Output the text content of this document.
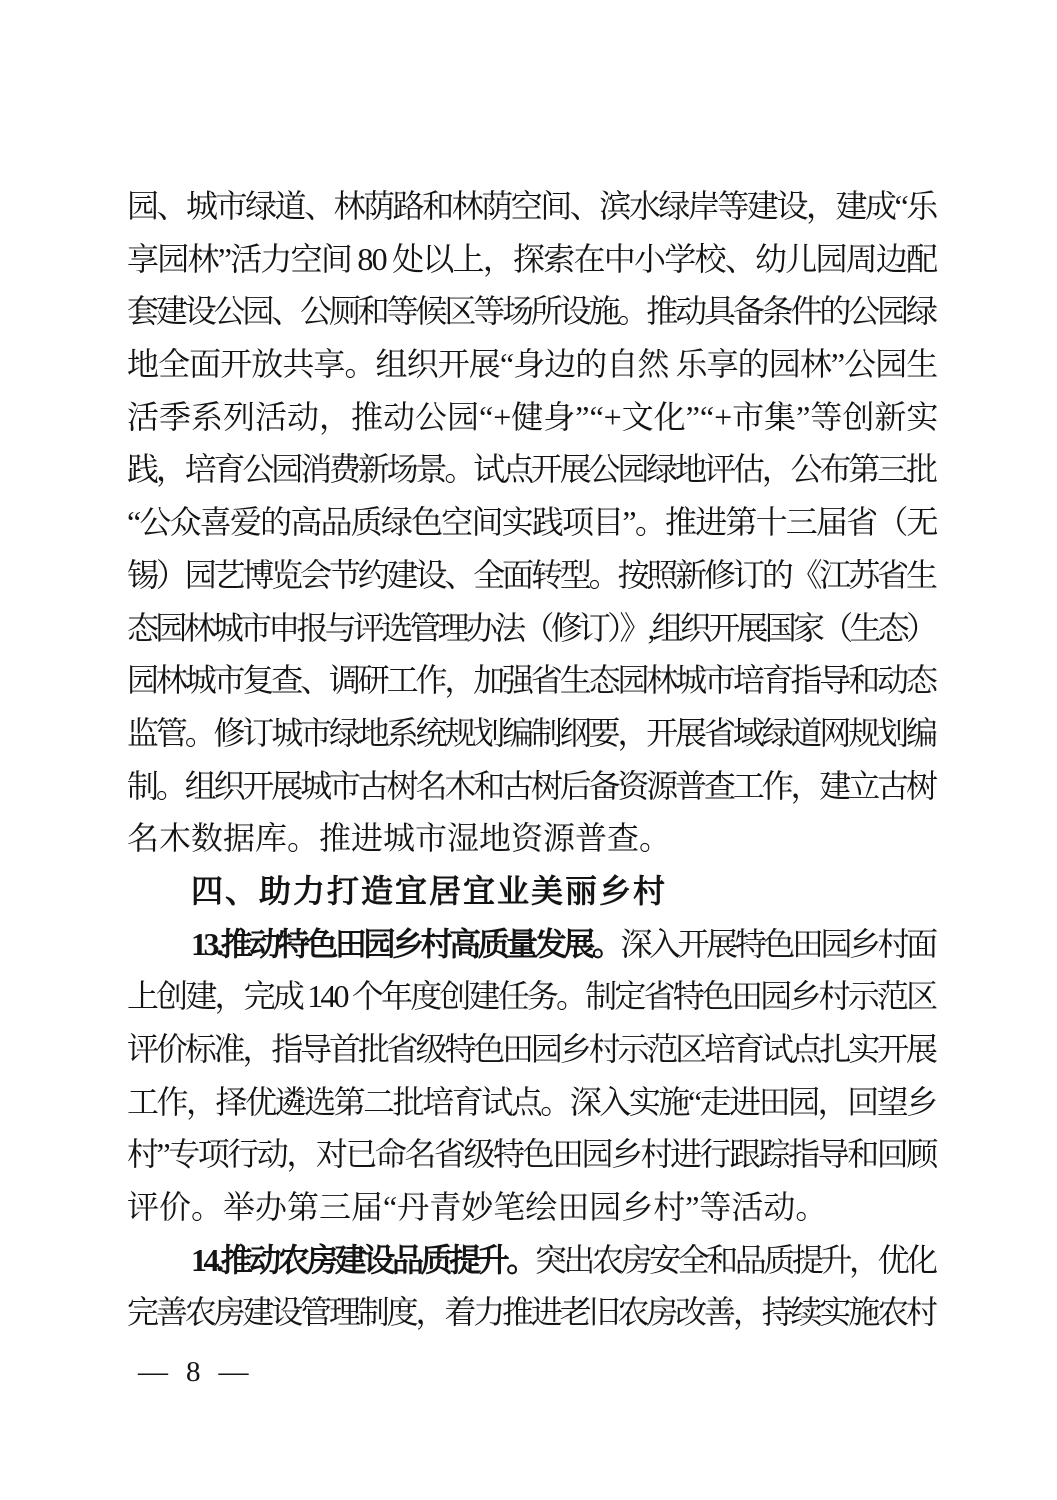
园、城市绿道、林荫路和林荫空间、滨水绿岸等建设，建成“乐
享园林”活力空间 80 处以上，探索在中小学校、幼儿园周边配
套建设公园、公厕和等候区等场所设施。推动具备条件的公园绿
地全面开放共享。组织开展“身边的自然 乐享的园林”公园生
活季系列活动，推动公园“+健身”“+文化”“+市集”等创新实
践，培育公园消费新场景。试点开展公园绿地评估，公布第三批
“公众喜爱的高品质绿色空间实践项目”。推进第十三届省（无
锡）园艺博览会节约建设、全面转型。按照新修订的《江苏省生
态园林城市申报与评选管理办法（修订）》,组织开展国家（生态）
园林城市复查、调研工作，加强省生态园林城市培育指导和动态
监管。修订城市绿地系统规划编制纲要，开展省域绿道网规划编
制。组织开展城市古树名木和古树后备资源普查工作，建立古树
名木数据库。推进城市湿地资源普查。
四、助力打造宜居宜业美丽乡村
13.推动特色田园乡村高质量发展。深入开展特色田园乡村面
上创建，完成 140 个年度创建任务。制定省特色田园乡村示范区
评价标准，指导首批省级特色田园乡村示范区培育试点扎实开展
工作，择优遴选第二批培育试点。深入实施“走进田园，回望乡
村”专项行动，对已命名省级特色田园乡村进行跟踪指导和回顾
评价。举办第三届“丹青妙笔绘田园乡村”等活动。
14.推动农房建设品质提升。突出农房安全和品质提升，优化
完善农房建设管理制度，着力推进老旧农房改善，持续实施农村
— 8 —
